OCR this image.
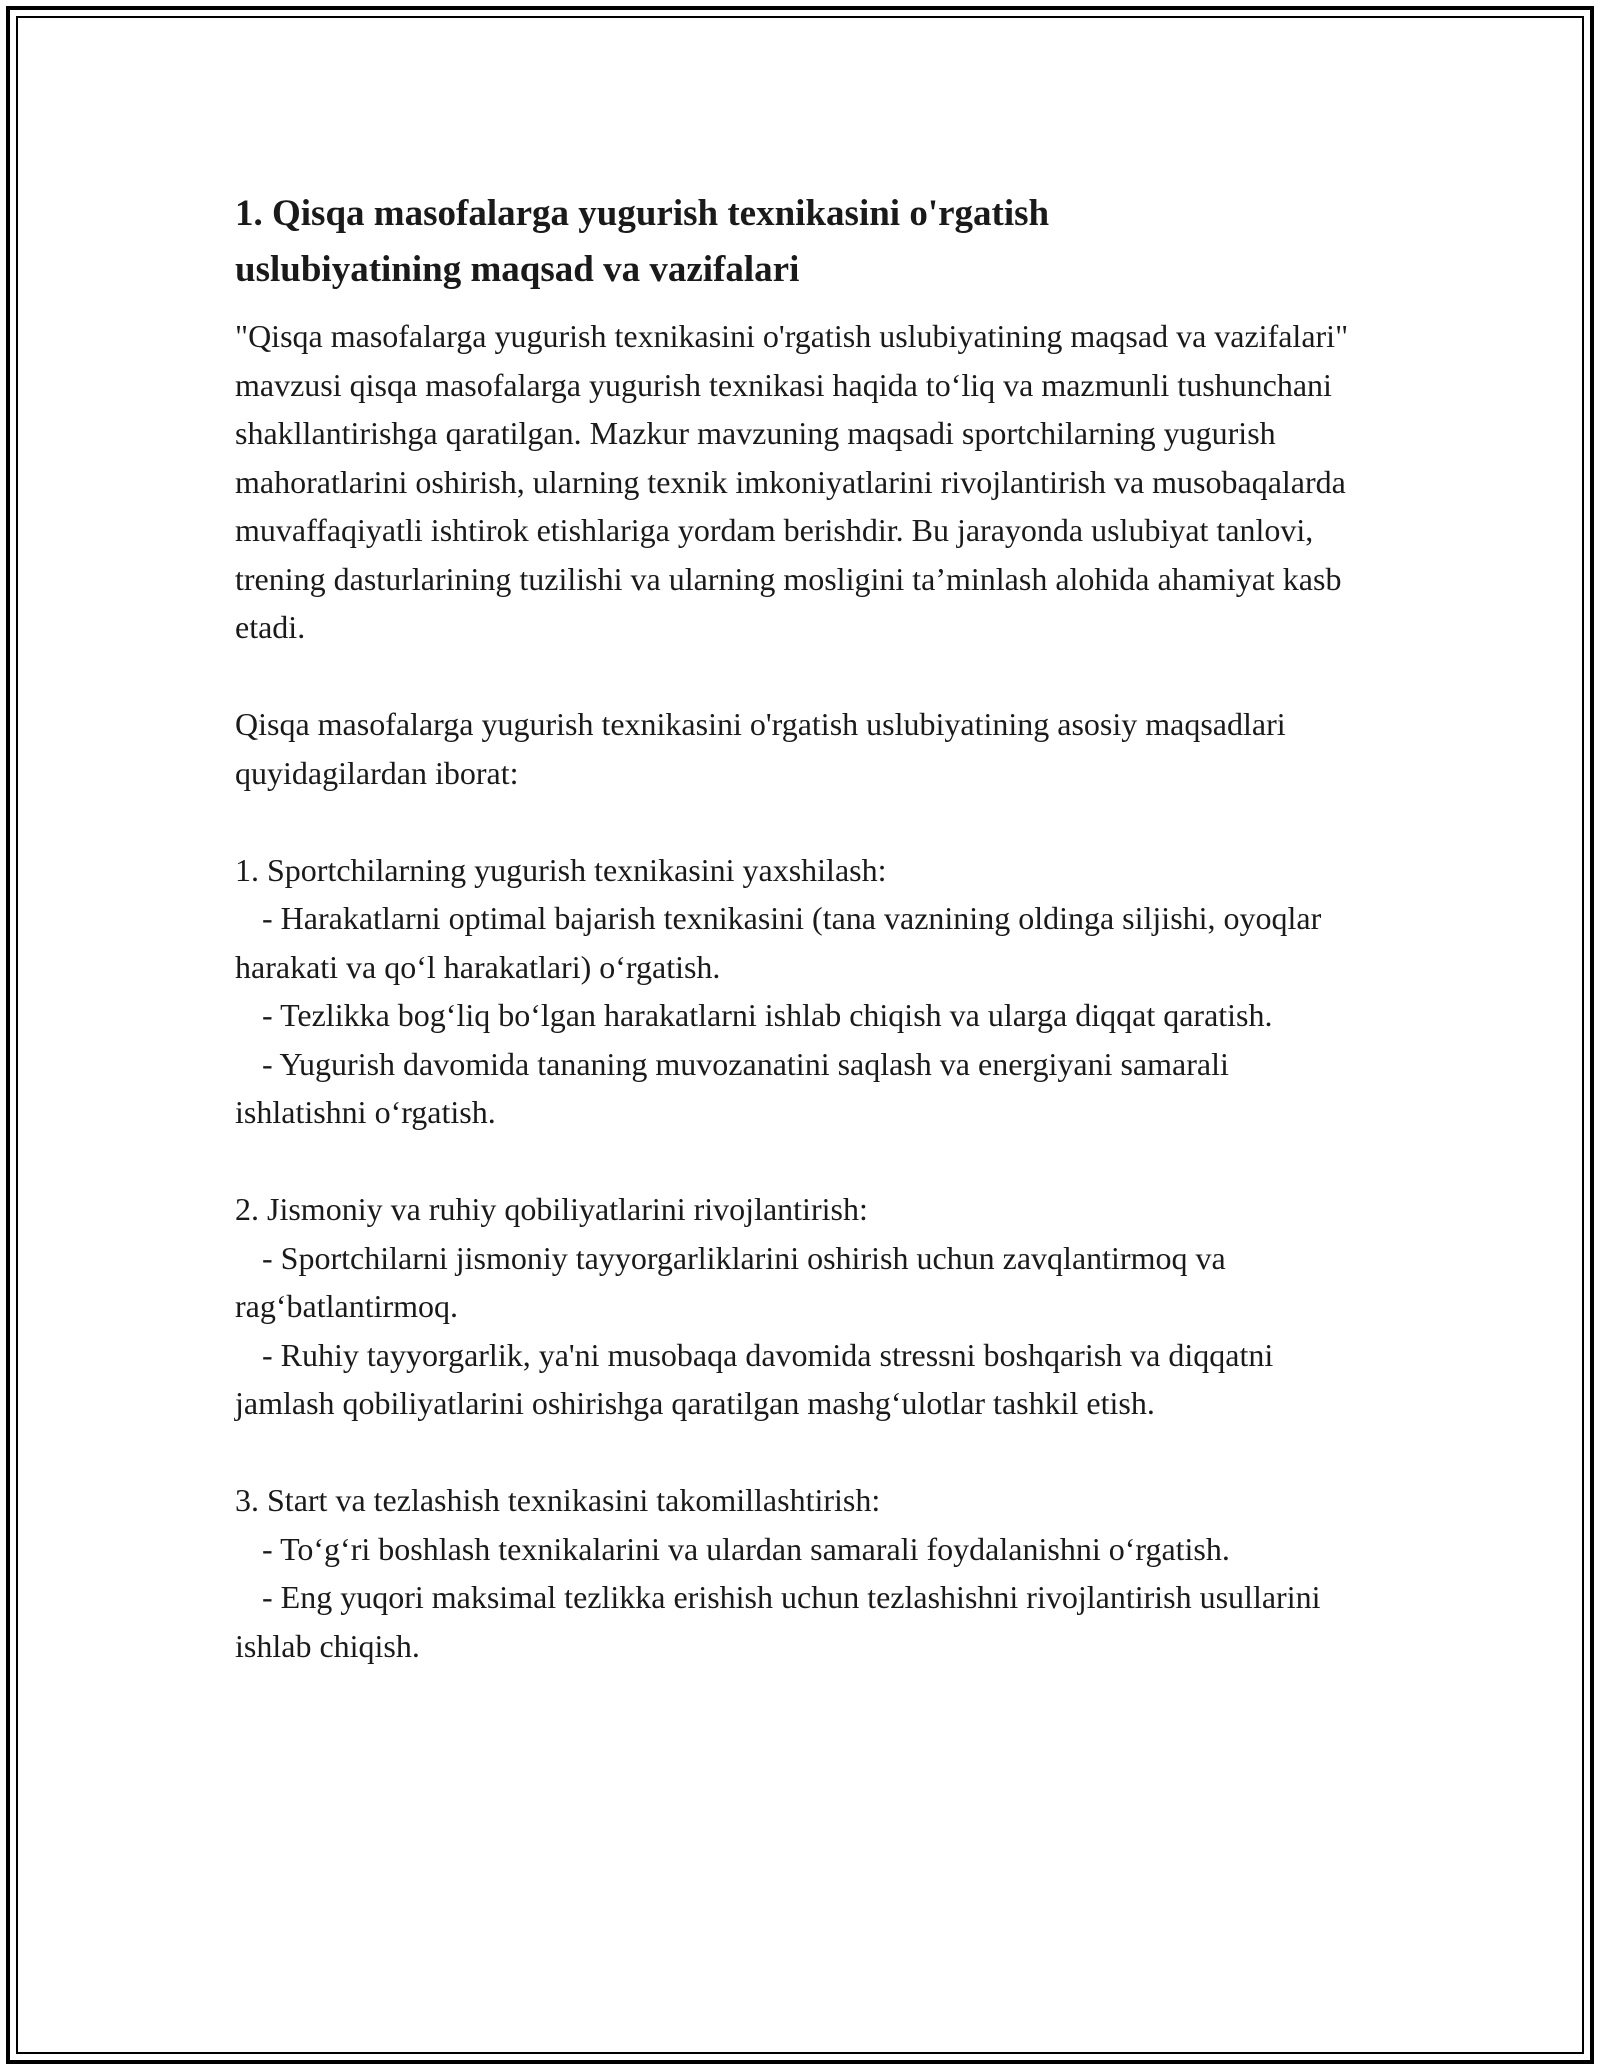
1. Qisqa masofalarga yugurish texnikasini o'rgatish
uslubiyatining maqsad va vazifalari

"Qisqa masofalarga yugurish texnikasini o'rgatish uslubiyatining maqsad va vazifalari" mavzusi qisqa masofalarga yugurish texnikasi haqida to‘liq va mazmunli tushunchani shakllantirishga qaratilgan. Mazkur mavzuning maqsadi sportchilarning yugurish mahoratlarini oshirish, ularning texnik imkoniyatlarini rivojlantirish va musobaqalarda muvaffaqiyatli ishtirok etishlariga yordam berishdir. Bu jarayonda uslubiyat tanlovi, trening dasturlarining tuzilishi va ularning mosligini ta’minlash alohida ahamiyat kasb etadi.

Qisqa masofalarga yugurish texnikasini o'rgatish uslubiyatining asosiy maqsadlari quyidagilardan iborat:

1. Sportchilarning yugurish texnikasini yaxshilash:

- Harakatlarni optimal bajarish texnikasini (tana vaznining oldinga siljishi, oyoqlar harakati va qo‘l harakatlari) o‘rgatish.

- Tezlikka bog‘liq bo‘lgan harakatlarni ishlab chiqish va ularga diqqat qaratish.

- Yugurish davomida tananing muvozanatini saqlash va energiyani samarali ishlatishni o‘rgatish.

2. Jismoniy va ruhiy qobiliyatlarini rivojlantirish:

- Sportchilarni jismoniy tayyorgarliklarini oshirish uchun zavqlantirmoq va rag‘batlantirmoq.

- Ruhiy tayyorgarlik, ya'ni musobaqa davomida stressni boshqarish va diqqatni jamlash qobiliyatlarini oshirishga qaratilgan mashg‘ulotlar tashkil etish.

3. Start va tezlashish texnikasini takomillashtirish:

- To‘g‘ri boshlash texnikalarini va ulardan samarali foydalanishni o‘rgatish.

- Eng yuqori maksimal tezlikka erishish uchun tezlashishni rivojlantirish usullarini ishlab chiqish.
